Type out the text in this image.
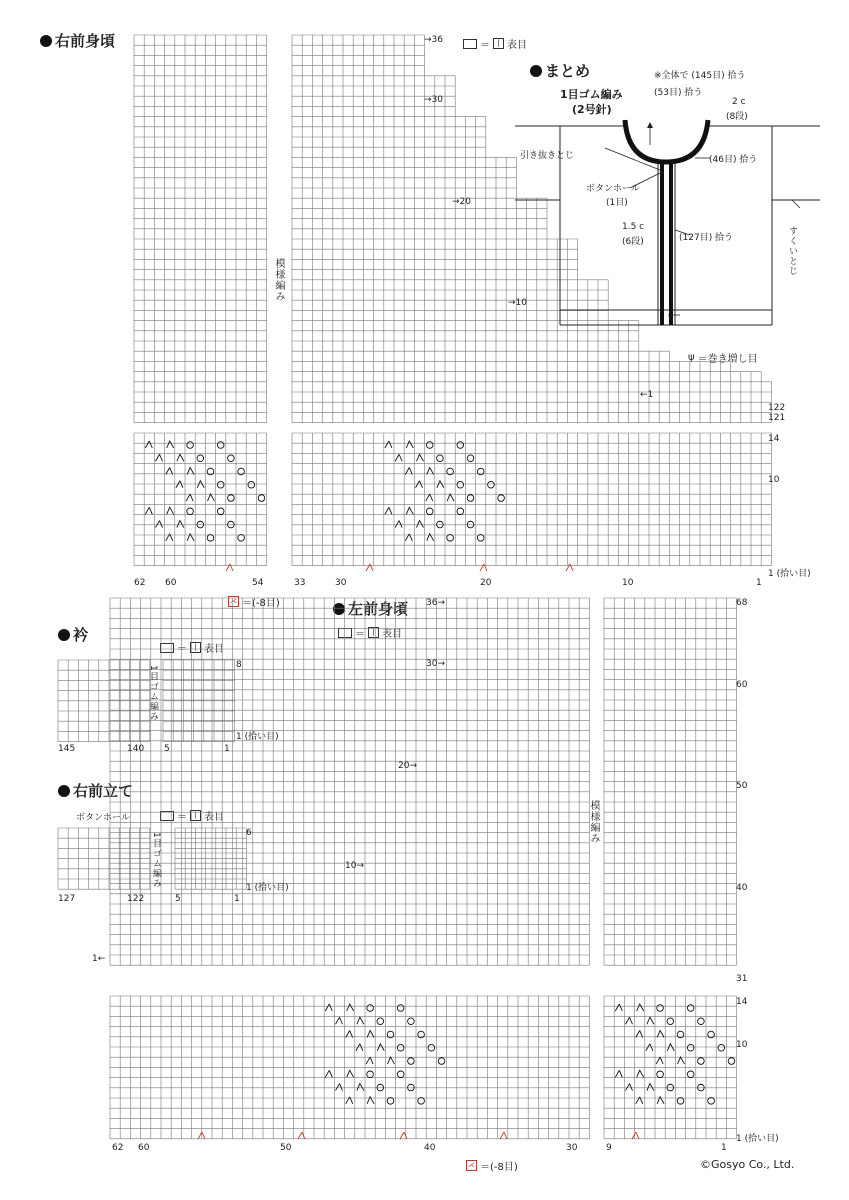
右前身頃
左前身頃
衿
右前立て
まとめ
＝	| 表目
＝	| 表目
＝	| 表目
＝	| 表目
⋌ ＝(-8目)
⋌ ＝(-8目)
ψ ＝巻き増し目
模様編み
→36
→30
→20
→10
←1
122
121
14
10
1 (拾い目)
62 60	54	33	30	20	10	1
模様編み
36→
30→
20→
10→
1←
68
60
50
40
31
14
10
1 (拾い目)
62 60	50	40	30	9	1
1目ゴム編み	8
1 (拾い目)
145	140 5	1
ボタンホール
1目ゴム編み	6
1 (拾い目)
127	122	5	1
1目ゴム編み
(2号針)
※全体で (145目) 拾う
(53目) 拾う
2 c
(8段)
(46目) 拾う
引き抜きとじ
ボタンホール
(1目)
1.5 c
(6段)	(127目) 拾う	すくいとじ
©Gosyo Co., Ltd.
